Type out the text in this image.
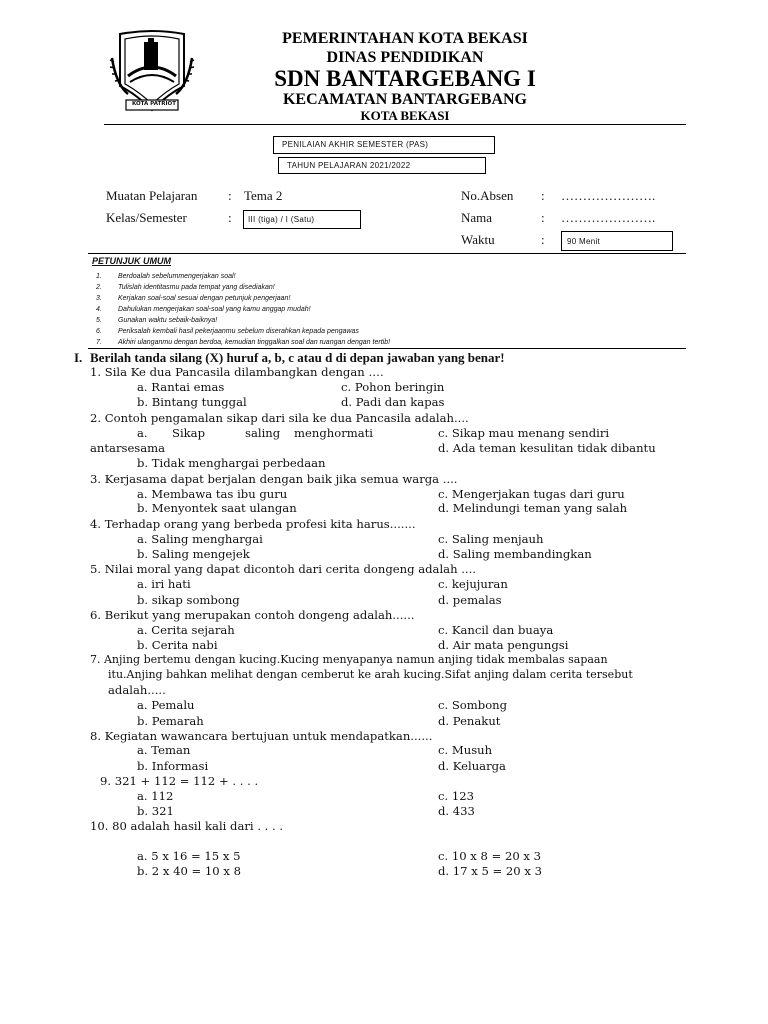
KOTA PATRIOT
PEMERINTAHAN KOTA BEKASI
DINAS PENDIDIKAN
SDN BANTARGEBANG I
KECAMATAN BANTARGEBANG
KOTA BEKASI
PENILAIAN AKHIR SEMESTER (PAS)
TAHUN PELAJARAN 2021/2022
Muatan Pelajaran : Tema 2
Kelas/Semester	:	III (tiga) / I (Satu)
No.Absen : ………………….
Nama	: ………………….
Waktu	:	90 Menit
PETUNJUK UMUM
1. Berdoalah sebelummengerjakan soal!
2. Tulislah identitasmu pada tempat yang disediakan!
3. Kerjakan soal-soal sesuai dengan petunjuk pengerjaan!
4. Dahulukan mengerjakan soal-soal yang kamu anggap mudah!
5. Gunakan waktu sebaik-baiknya!
6. Periksalah kembali hasil pekerjaanmu sebelum diserahkan kepada pengawas
7. Akhiri ulanganmu dengan berdoa, kemudian tinggalkan soal dan ruangan dengan tertib!
I. Berilah tanda silang (X) huruf a, b, c atau d di depan jawaban yang benar!
1. Sila Ke dua Pancasila dilambangkan dengan ….
a. Rantai emas	c. Pohon beringin
b. Bintang tunggal	d. Padi dan kapas
2. Contoh pengamalan sikap dari sila ke dua Pancasila adalah....
a. Sikap	saling menghormati
antarsesama
c. Sikap mau menang sendiri
d. Ada teman kesulitan tidak dibantu
b. Tidak menghargai perbedaan
3. Kerjasama dapat berjalan dengan baik jika semua warga ....
a. Membawa tas ibu guru	c. Mengerjakan tugas dari guru
b. Menyontek saat ulangan	d. Melindungi teman yang salah
4. Terhadap orang yang berbeda profesi kita harus.......
a. Saling menghargai	c. Saling menjauh
b. Saling mengejek	d. Saling membandingkan
5. Nilai moral yang dapat dicontoh dari cerita dongeng adalah ....
a. iri hati	c. kejujuran
b. sikap sombong	d. pemalas
6. Berikut yang merupakan contoh dongeng adalah......
a. Cerita sejarah	c. Kancil dan buaya
b. Cerita nabi	d. Air mata pengungsi
7. Anjing bertemu dengan kucing.Kucing menyapanya namun anjing tidak membalas sapaan
itu.Anjing bahkan melihat dengan cemberut ke arah kucing.Sifat anjing dalam cerita tersebut
adalah.....
a. Pemalu	c. Sombong
b. Pemarah	d. Penakut
8. Kegiatan wawancara bertujuan untuk mendapatkan......
a. Teman	c. Musuh
b. Informasi	d. Keluarga
9. 321 + 112 = 112 + . . . .
a. 112	c. 123
b. 321	d. 433
10. 80 adalah hasil kali dari . . . .
a. 5 x 16 = 15 x 5	c. 10 x 8 = 20 x 3
b. 2 x 40 = 10 x 8	d. 17 x 5 = 20 x 3
